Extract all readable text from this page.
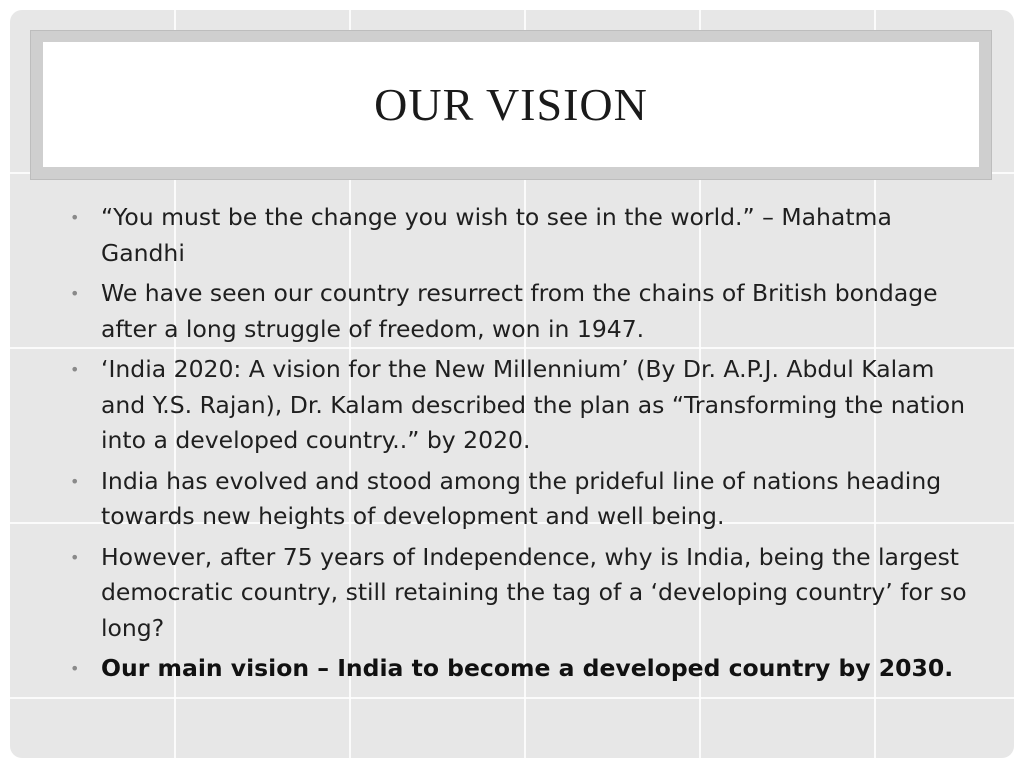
OUR VISION
• “You must be the change you wish to see in the world.” – Mahatma Gandhi
• We have seen our country resurrect from the chains of British bondage after a long struggle of freedom, won in 1947.
• ‘India 2020: A vision for the New Millennium’ (By Dr. A.P.J. Abdul Kalam and Y.S. Rajan), Dr. Kalam described the plan as “Transforming the nation into a developed country..” by 2020.
• India has evolved and stood among the prideful line of nations heading towards new heights of development and well being.
• However, after 75 years of Independence, why is India, being the largest democratic country, still retaining the tag of a ‘developing country’ for so long?
• Our main vision – India to become a developed country by 2030.
